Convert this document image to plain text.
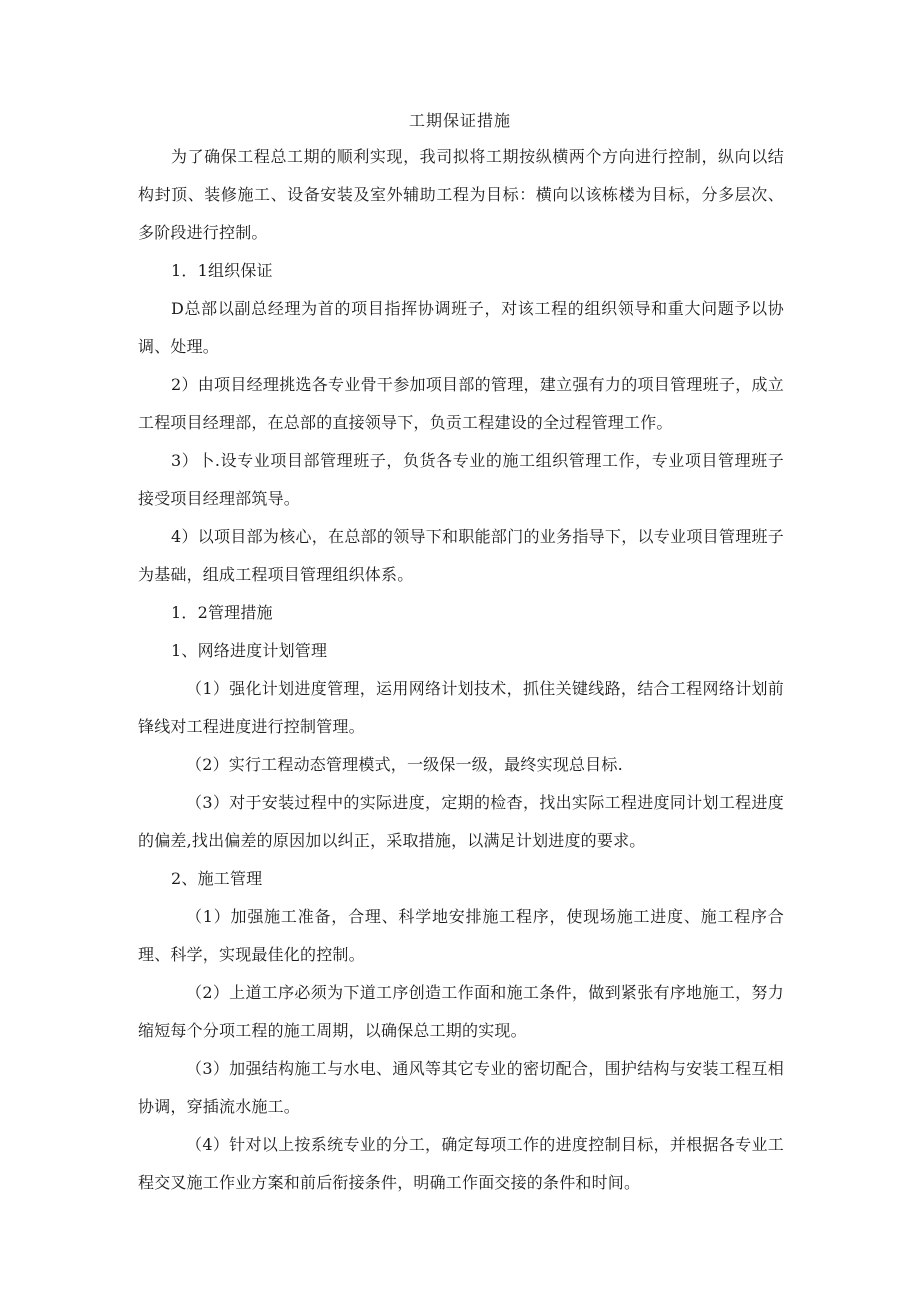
工期保证措施

为了确保工程总工期的顺利实现，我司拟将工期按纵横两个方向进行控制，纵向以结构封顶、装修施工、设备安装及室外辅助工程为目标：横向以该栋楼为目标，分多层次、多阶段进行控制。

1．1组织保证

D总部以副总经理为首的项目指挥协调班子，对该工程的组织领导和重大问题予以协调、处理。

2）由项目经理挑选各专业骨干参加项目部的管理，建立强有力的项目管理班子，成立工程项目经理部，在总部的直接领导下，负贡工程建设的全过程管理工作。

3）卜.设专业项目部管理班子，负货各专业的施工组织管理工作，专业项目管理班子接受项目经理部筑导。

4）以项目部为核心，在总部的领导下和职能部门的业务指导下，以专业项目管理班子为基础，组成工程项目管理组织体系。

1．2管理措施

1、网络进度计划管理

（1）强化计划进度管理，运用网络计划技术，抓住关键线路，结合工程网络计划前锋线对工程进度进行控制管理。

（2）实行工程动态管理模式，一级保一级，最终实现总目标.

（3）对于安装过程中的实际进度，定期的检杳，找出实际工程进度同计划工程进度的偏差,找出偏差的原因加以纠正，采取措施，以满足计划进度的要求。

2、施工管理

（1）加强施工准备，合理、科学地安排施工程序，使现场施工进度、施工程序合理、科学，实现最佳化的控制。

（2）上道工序必须为下道工序创造工作面和施工条件，做到紧张有序地施工，努力缩短每个分项工程的施工周期，以确保总工期的实现。

（3）加强结构施工与水电、通风等其它专业的密切配合，围护结构与安装工程互相协调，穿插流水施工。

（4）针对以上按系统专业的分工，确定每项工作的进度控制目标，并根据各专业工程交叉施工作业方案和前后衔接条件，明确工作面交接的条件和时间。
